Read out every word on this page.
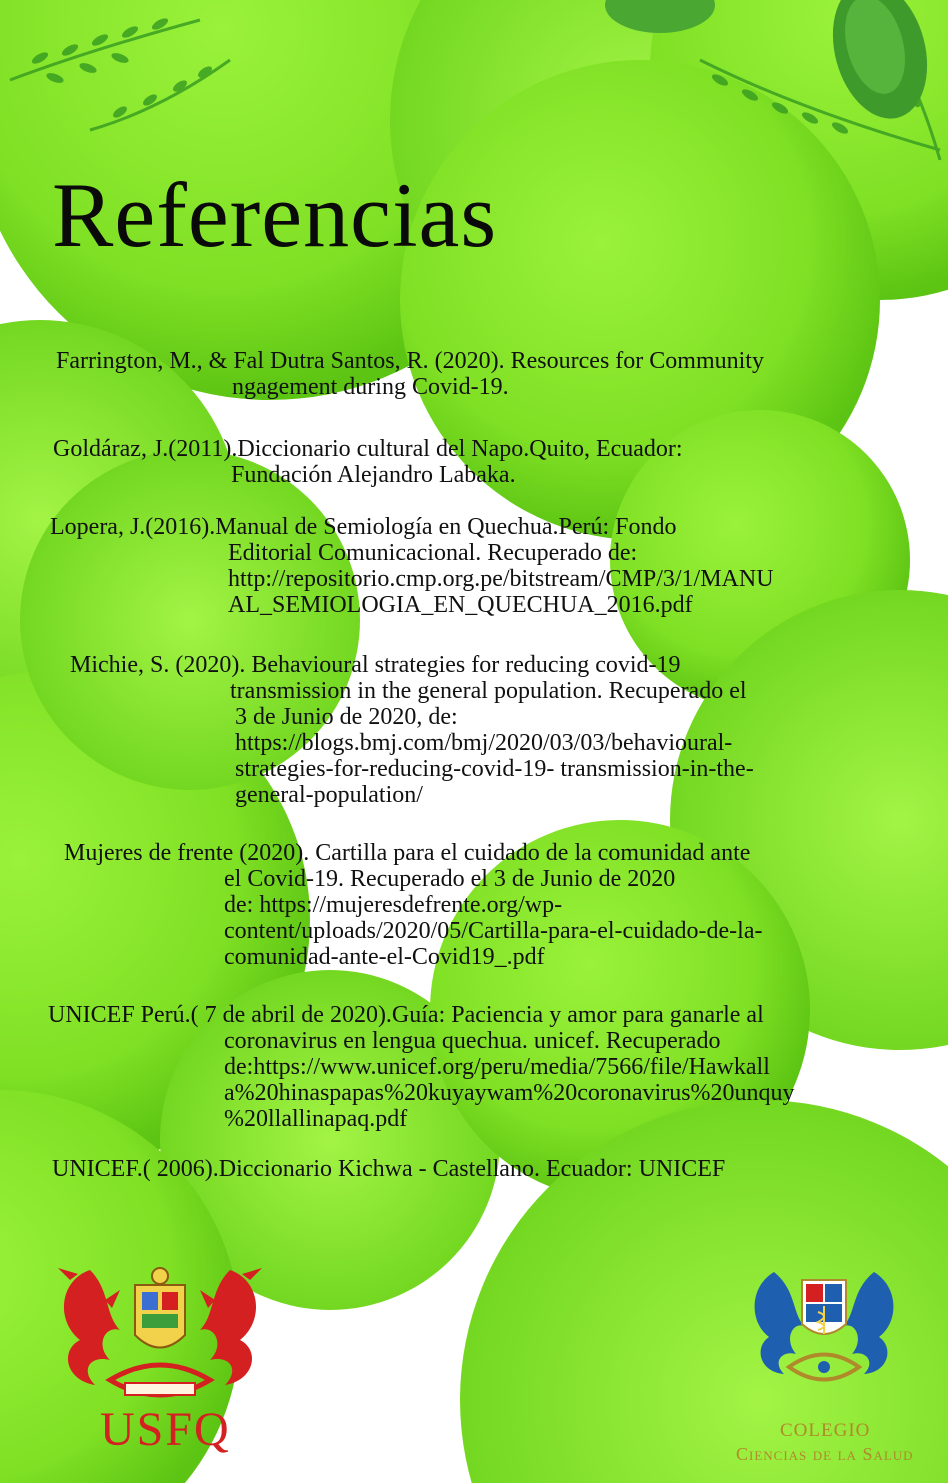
Referencias
Farrington, M., & Fal Dutra Santos, R. (2020). Resources for Community
ngagement during Covid-19.
Goldáraz, J.(2011).Diccionario cultural del Napo.Quito, Ecuador:
Fundación Alejandro Labaka.
Lopera, J.(2016).Manual de Semiología en Quechua.Perú: Fondo
Editorial Comunicacional. Recuperado de:
http://repositorio.cmp.org.pe/bitstream/CMP/3/1/MANU
AL_SEMIOLOGIA_EN_QUECHUA_2016.pdf
Michie, S. (2020). Behavioural strategies for reducing covid-19
transmission in the general population. Recuperado el
3 de Junio de 2020, de:
https://blogs.bmj.com/bmj/2020/03/03/behavioural-
strategies-for-reducing-covid-19- transmission-in-the-
general-population/
Mujeres de frente (2020). Cartilla para el cuidado de la comunidad ante
el Covid-19. Recuperado el 3 de Junio de 2020
de: https://mujeresdefrente.org/wp-
content/uploads/2020/05/Cartilla-para-el-cuidado-de-la-
comunidad-ante-el-Covid19_.pdf
UNICEF Perú.( 7 de abril de 2020).Guía: Paciencia y amor para ganarle al
coronavirus en lengua quechua. unicef. Recuperado
de:https://www.unicef.org/peru/media/7566/file/Hawkall
a%20hinaspapas%20kuyaywam%20coronavirus%20unquy
%20llallinapaq.pdf
UNICEF.( 2006).Diccionario Kichwa - Castellano. Ecuador: UNICEF
USFQ	COLEGIO
Ciencias de la Salud
